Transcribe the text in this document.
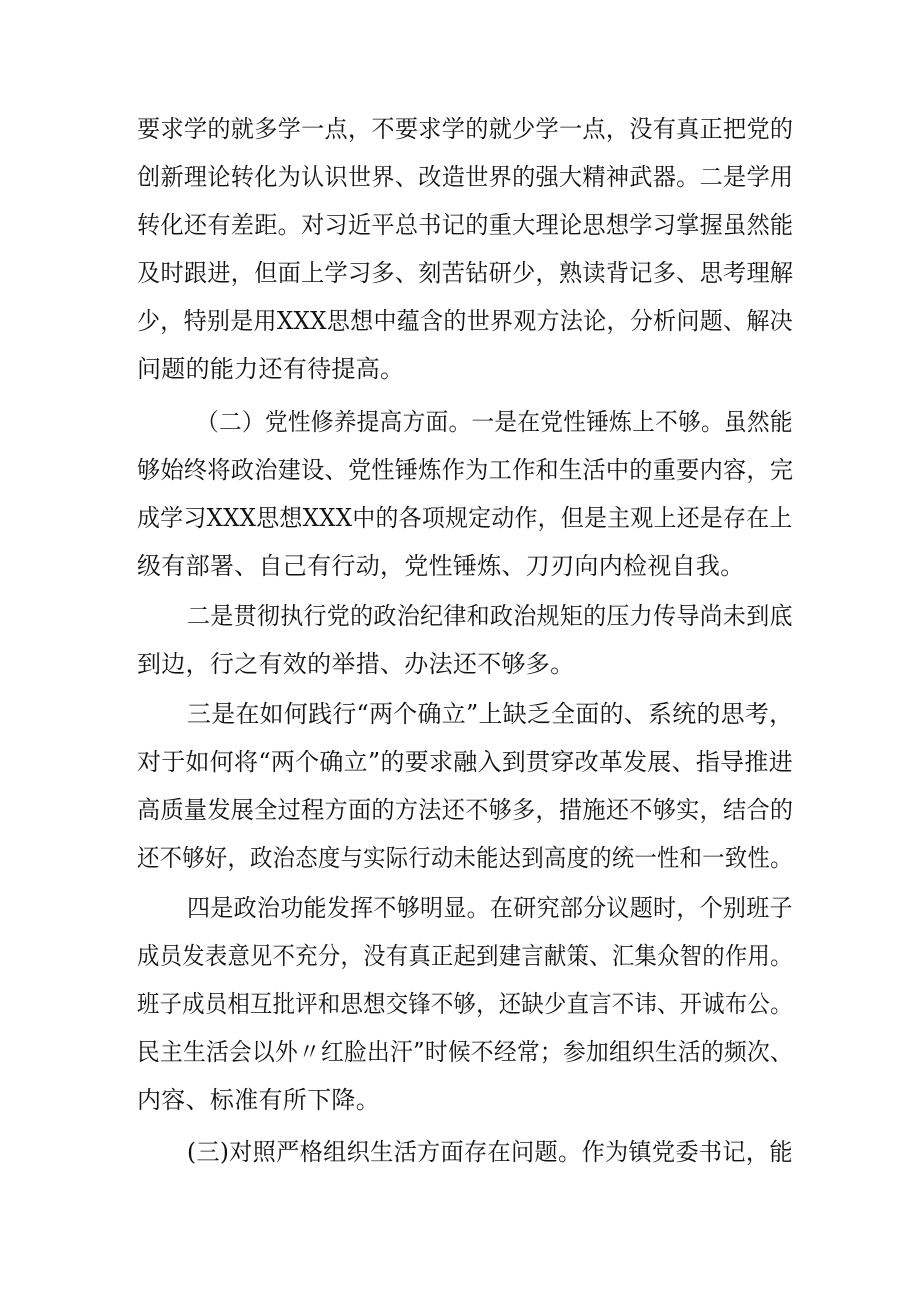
要求学的就多学一点，不要求学的就少学一点，没有真正把党的
创新理论转化为认识世界、改造世界的强大精神武器。二是学用
转化还有差距。对习近平总书记的重大理论思想学习掌握虽然能
及时跟进，但面上学习多、刻苦钻研少，熟读背记多、思考理解
少，特别是用XXX思想中蕴含的世界观方法论，分析问题、解决
问题的能力还有待提高。
（二）党性修养提高方面。一是在党性锤炼上不够。虽然能
够始终将政治建设、党性锤炼作为工作和生活中的重要内容，完
成学习XXX思想XXX中的各项规定动作，但是主观上还是存在上
级有部署、自己有行动，党性锤炼、刀刃向内检视自我。
二是贯彻执行党的政治纪律和政治规矩的压力传导尚未到底
到边，行之有效的举措、办法还不够多。
三是在如何践行“两个确立”上缺乏全面的、系统的思考，
对于如何将“两个确立”的要求融入到贯穿改革发展、指导推进
高质量发展全过程方面的方法还不够多，措施还不够实，结合的
还不够好，政治态度与实际行动未能达到高度的统一性和一致性。
四是政治功能发挥不够明显。在研究部分议题时，个别班子
成员发表意见不充分，没有真正起到建言献策、汇集众智的作用。
班子成员相互批评和思想交锋不够，还缺少直言不讳、开诚布公。
民主生活会以外〃红脸出汗”时候不经常；参加组织生活的频次、
内容、标准有所下降。
(三)对照严格组织生活方面存在问题。作为镇党委书记，能
